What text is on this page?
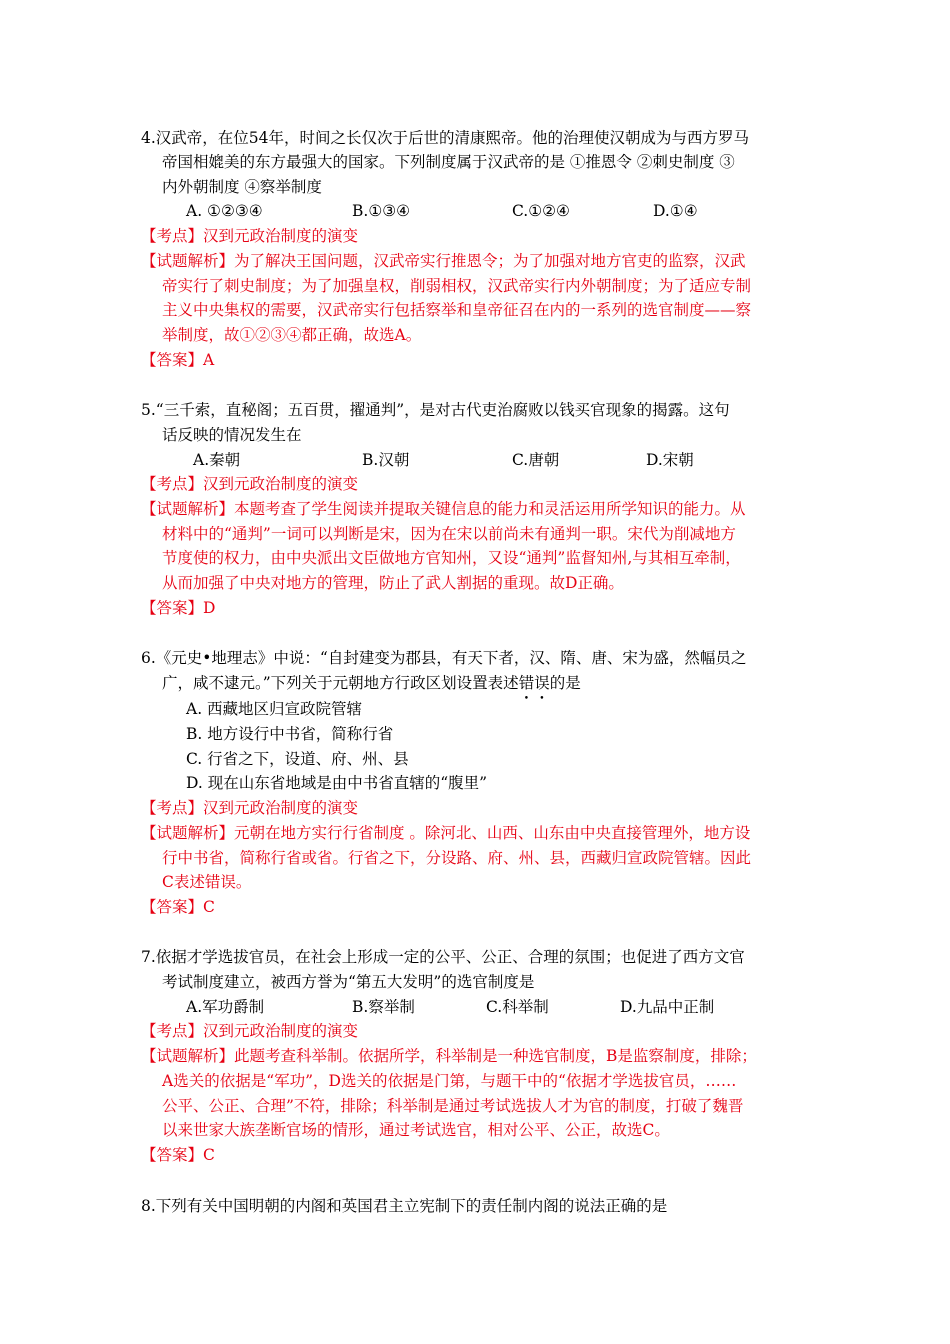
4.汉武帝，在位54年，时间之长仅次于后世的清康熙帝。他的治理使汉朝成为与西方罗马
帝国相媲美的东方最强大的国家。下列制度属于汉武帝的是 ①推恩令 ②刺史制度 ③
内外朝制度 ④察举制度
A. ①②③④	B.①③④	C.①②④	D.①④
【考点】汉到元政治制度的演变
【试题解析】为了解决王国问题，汉武帝实行推恩令；为了加强对地方官吏的监察，汉武
帝实行了刺史制度；为了加强皇权，削弱相权，汉武帝实行内外朝制度；为了适应专制
主义中央集权的需要，汉武帝实行包括察举和皇帝征召在内的一系列的选官制度——察
举制度，故①②③④都正确，故选A。
【答案】A
5.“三千索，直秘阁；五百贯，擢通判”，是对古代吏治腐败以钱买官现象的揭露。这句
话反映的情况发生在
A.秦朝	B.汉朝	C.唐朝	D.宋朝
【考点】汉到元政治制度的演变
【试题解析】本题考查了学生阅读并提取关键信息的能力和灵活运用所学知识的能力。从
材料中的“通判”一词可以判断是宋，因为在宋以前尚未有通判一职。宋代为削减地方
节度使的权力，由中央派出文臣做地方官知州，又设“通判”监督知州,与其相互牵制，
从而加强了中央对地方的管理，防止了武人割据的重现。故D正确。
【答案】D
6.《元史•地理志》中说：“自封建变为郡县，有天下者，汉、隋、唐、宋为盛，然幅员之
广，咸不逮元。”下列关于元朝地方行政区划设置表述错误的是
A. 西藏地区归宣政院管辖
B. 地方设行中书省，简称行省
C. 行省之下，设道、府、州、县
D. 现在山东省地域是由中书省直辖的“腹里”
【考点】汉到元政治制度的演变
【试题解析】元朝在地方实行行省制度 。除河北、山西、山东由中央直接管理外，地方设
行中书省，简称行省或省。行省之下，分设路、府、州、县，西藏归宣政院管辖。因此
C表述错误。
【答案】C
7.依据才学选拔官员，在社会上形成一定的公平、公正、合理的氛围；也促进了西方文官
考试制度建立，被西方誉为“第五大发明”的选官制度是
A.军功爵制	B.察举制	C.科举制	D.九品中正制
【考点】汉到元政治制度的演变
【试题解析】此题考查科举制。依据所学，科举制是一种选官制度，B是监察制度，排除；
A选关的依据是“军功”，D选关的依据是门第，与题干中的“依据才学选拔官员，……
公平、公正、合理”不符，排除；科举制是通过考试选拔人才为官的制度，打破了魏晋
以来世家大族垄断官场的情形，通过考试选官，相对公平、公正，故选C。
【答案】C
8.下列有关中国明朝的内阁和英国君主立宪制下的责任制内阁的说法正确的是
